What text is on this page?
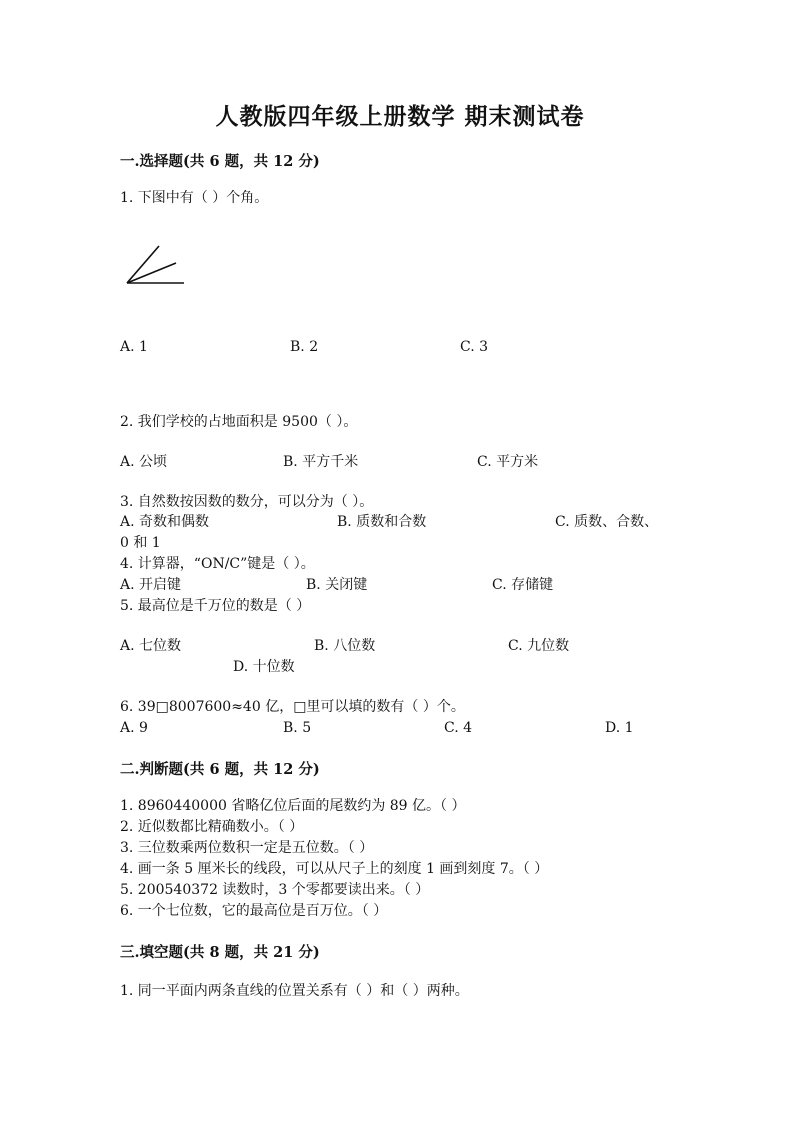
人教版四年级上册数学 期末测试卷
一.选择题(共 6 题，共 12 分)
1. 下图中有（ ）个角。
A. 1	B. 2	C. 3
2. 我们学校的占地面积是 9500（ ）。
A. 公顷	B. 平方千米	C. 平方米
3. 自然数按因数的数分，可以分为（ ）。
A. 奇数和偶数	B. 质数和合数	C. 质数、合数、
0 和 1
4. 计算器，“ON/C”键是（ ）。
A. 开启键	B. 关闭键	C. 存储键
5. 最高位是千万位的数是（ ）
A. 七位数	B. 八位数	C. 九位数
D. 十位数
6. 39□8007600≈40 亿，□里可以填的数有（ ）个。
A. 9	B. 5	C. 4	D. 1
二.判断题(共 6 题，共 12 分)
1. 8960440000 省略亿位后面的尾数约为 89 亿。（ ）
2. 近似数都比精确数小。（ ）
3. 三位数乘两位数积一定是五位数。（ ）
4. 画一条 5 厘米长的线段，可以从尺子上的刻度 1 画到刻度 7。（ ）
5. 200540372 读数时，3 个零都要读出来。（ ）
6. 一个七位数，它的最高位是百万位。（ ）
三.填空题(共 8 题，共 21 分)
1. 同一平面内两条直线的位置关系有（ ）和（ ）两种。
